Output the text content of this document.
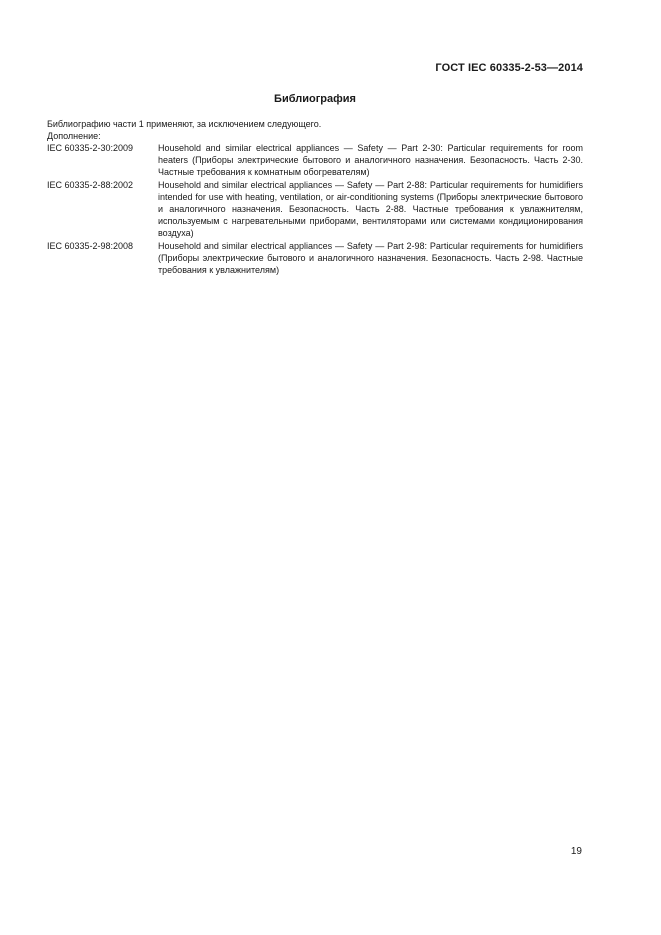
ГОСТ IEC 60335-2-53—2014
Библиография
Библиографию части 1 применяют, за исключением следующего.
Дополнение:
IEC 60335-2-30:2009	Household and similar electrical appliances — Safety — Part 2-30: Particular requirements for room heaters (Приборы электрические бытового и аналогичного назначения. Безопасность. Часть 2-30. Частные требования к комнатным обогревателям)
IEC 60335-2-88:2002	Household and similar electrical appliances — Safety — Part 2-88: Particular requirements for humidifiers intended for use with heating, ventilation, or air-conditioning systems (Приборы электрические бытового и аналогичного назначения. Безопасность. Часть 2-88. Частные требования к увлажнителям, используемым с нагревательными приборами, вентиляторами или системами кондиционирования воздуха)
IEC 60335-2-98:2008	Household and similar electrical appliances — Safety — Part 2-98: Particular requirements for humidifiers (Приборы электрические бытового и аналогичного назначения. Безопасность. Часть 2-98. Частные требования к увлажнителям)
19
